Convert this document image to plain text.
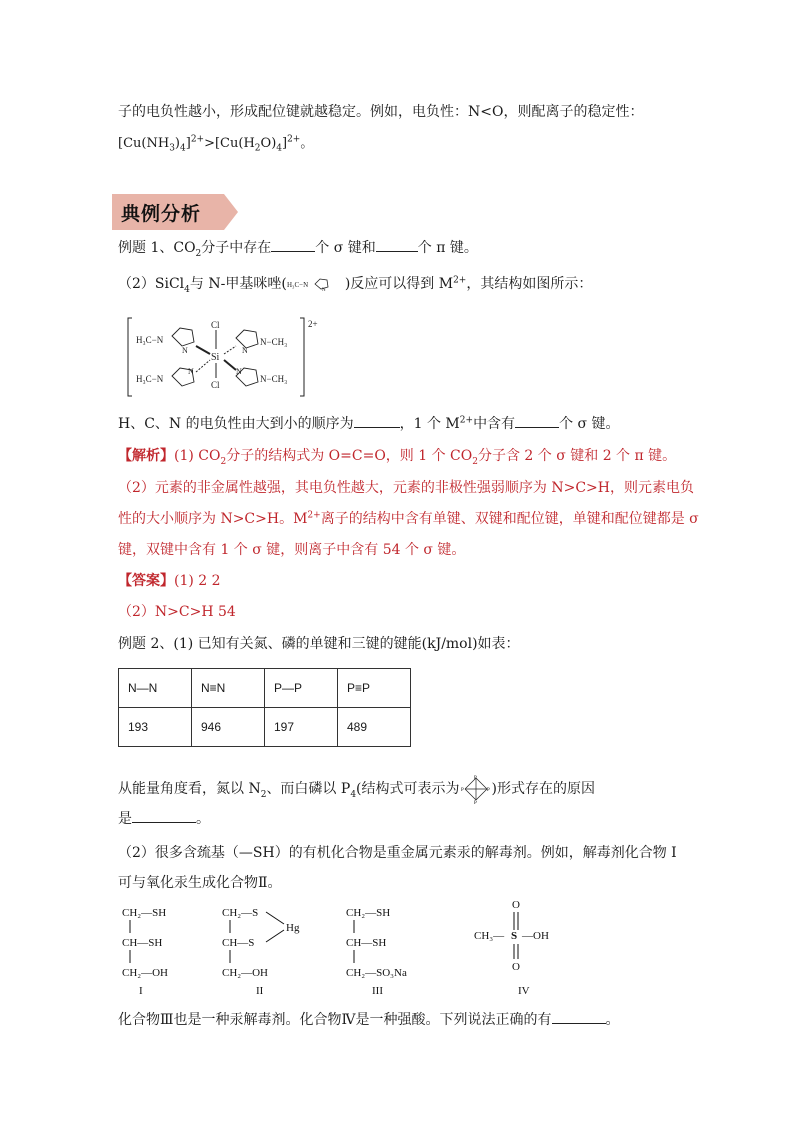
子的电负性越小，形成配位键就越稳定。例如，电负性：N<O，则配离子的稳定性：
$[Cu(NH_3)_4]^{2+}>[Cu(H_2O)_4]^{2+}$。
典例分析
例题 1、$CO_2$分子中存在	个 σ 键和	个 π 键。
（2）SiCl$_4$与 N-甲基咪唑( H₃C−N
N )反应可以得到 $M^{2+}$，其结构如图所示：
2+
H₃C−N
N
H₃C−N
N
Cl
Si
Cl
N
N−CH₃
N
N−CH₃
H、C、N 的电负性由大到小的顺序为	，1 个 $M^{2+}$中含有	个 σ 键。
【解析】(1) $CO_2$分子的结构式为 O=C=O，则 1 个 $CO_2$分子含 2 个 σ 键和 2 个 π 键。
（2）元素的非金属性越强，其电负性越大，元素的非极性强弱顺序为 N>C>H，则元素电负
性的大小顺序为 N>C>H。$M^{2+}$离子的结构中含有单键、双键和配位键，单键和配位键都是 σ
键，双键中含有 1 个 σ 键，则离子中含有 54 个 σ 键。
【答案】(1) 2 2
（2）N>C>H 54
例题 2、(1) 已知有关氮、磷的单键和三键的键能(kJ/mol)如表：
N—N	N≡N	P—P	P≡P
193	946	197	489
从能量角度看，氮以 $N_2$、而白磷以 $P_4$(结构式可表示为
P
P	P
P
)形式存在的原因
是	。
（2）很多含巯基（—SH）的有机化合物是重金属元素汞的解毒剂。例如，解毒剂化合物 I
可与氧化汞生成化合物Ⅱ。
CH₂—SH
CH—SH
CH₂—OH
I
CH₂—S
CH—S
CH₂—OH
Hg
II
CH₂—SH
CH—SH
CH₂—SO₃Na
III
O
CH₃— S —OH
O
IV
化合物Ⅲ也是一种汞解毒剂。化合物Ⅳ是一种强酸。下列说法正确的有	。
